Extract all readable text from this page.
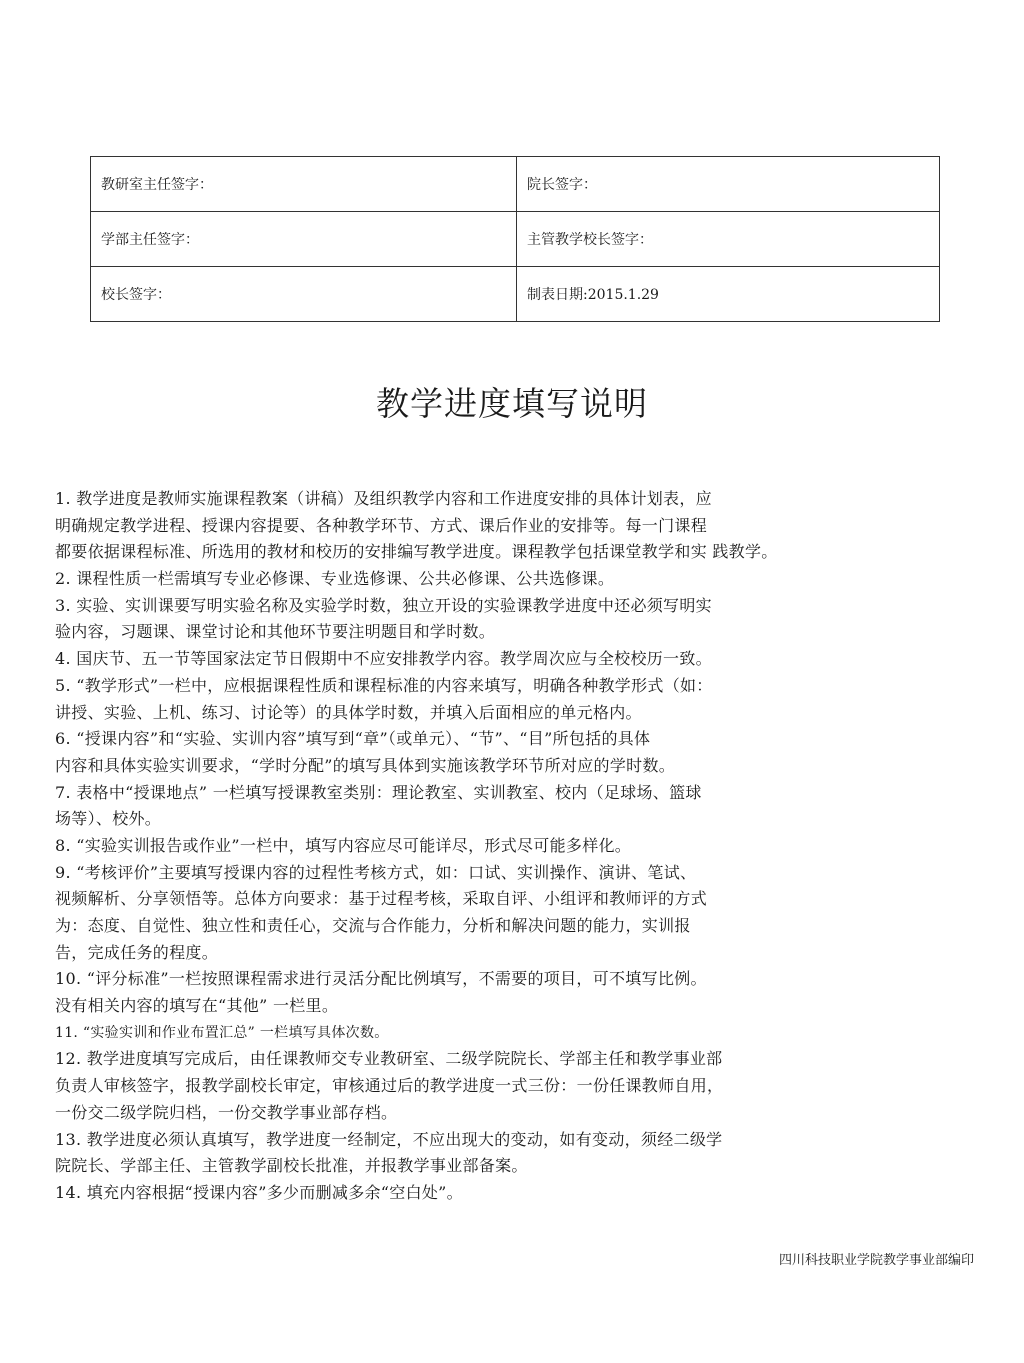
教研室主任签字：	院长签字：
学部主任签字：	主管教学校长签字：
校长签字：	制表日期:2015.1.29
教学进度填写说明
1. 教学进度是教师实施课程教案（讲稿）及组织教学内容和工作进度安排的具体计划表，应
明确规定教学进程、授课内容提要、各种教学环节、方式、课后作业的安排等。每一门课程
都要依据课程标准、所选用的教材和校历的安排编写教学进度。课程教学包括课堂教学和实 践教学。
2. 课程性质一栏需填写专业必修课、专业选修课、公共必修课、公共选修课。
3. 实验、实训课要写明实验名称及实验学时数，独立开设的实验课教学进度中还必须写明实
验内容，习题课、课堂讨论和其他环节要注明题目和学时数。
4. 国庆节、五一节等国家法定节日假期中不应安排教学内容。教学周次应与全校校历一致。
5. “教学形式”一栏中，应根据课程性质和课程标准的内容来填写，明确各种教学形式（如：
讲授、实验、上机、练习、讨论等）的具体学时数，并填入后面相应的单元格内。
6. “授课内容”和“实验、实训内容”填写到“章”（或单元）、“节”、“目”所包括的具体
内容和具体实验实训要求，“学时分配”的填写具体到实施该教学环节所对应的学时数。
7. 表格中“授课地点” 一栏填写授课教室类别：理论教室、实训教室、校内（足球场、篮球
场等）、校外。
8. “实验实训报告或作业”一栏中，填写内容应尽可能详尽，形式尽可能多样化。
9. “考核评价”主要填写授课内容的过程性考核方式，如：口试、实训操作、演讲、笔试、
视频解析、分享领悟等。总体方向要求：基于过程考核，采取自评、小组评和教师评的方式
为：态度、自觉性、独立性和责任心，交流与合作能力，分析和解决问题的能力，实训报
告，完成任务的程度。
10. “评分标准”一栏按照课程需求进行灵活分配比例填写，不需要的项目，可不填写比例。
没有相关内容的填写在“其他” 一栏里。
11. “实验实训和作业布置汇总” 一栏填写具体次数。
12. 教学进度填写完成后，由任课教师交专业教研室、二级学院院长、学部主任和教学事业部
负责人审核签字，报教学副校长审定，审核通过后的教学进度一式三份：一份任课教师自用，
一份交二级学院归档，一份交教学事业部存档。
13. 教学进度必须认真填写，教学进度一经制定，不应出现大的变动，如有变动，须经二级学
院院长、学部主任、主管教学副校长批准，并报教学事业部备案。
14. 填充内容根据“授课内容”多少而删减多余“空白处”。
四川科技职业学院教学事业部编印
